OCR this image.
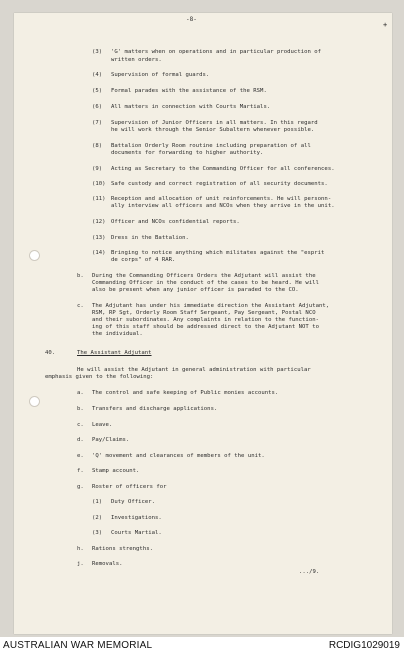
-8-
+
(3) 'G' matters when on operations and in particular production of
written orders.
(4) Supervision of formal guards.
(5) Formal parades with the assistance of the RSM.
(6) All matters in connection with Courts Martials.
(7) Supervision of Junior Officers in all matters. In this regard
he will work through the Senior Subaltern whenever possible.
(8) Battalion Orderly Room routine including preparation of all
documents for forwarding to higher authority.
(9) Acting as Secretary to the Commanding Officer for all conferences.
(10) Safe custody and correct registration of all security documents.
(11) Reception and allocation of unit reinforcements. He will personn-
ally interview all officers and NCOs when they arrive in the unit.
(12) Officer and NCOs confidential reports.
(13) Dress in the Battalion.
(14) Bringing to notice anything which militates against the "esprit
de corps" of 4 RAR.
b. During the Commanding Officers Orders the Adjutant will assist the
Commanding Officer in the conduct of the cases to be heard. He will
also be present when any junior officer is paraded to the CO.
c. The Adjutant has under his immediate direction the Assistant Adjutant,
RSM, RP Sgt, Orderly Room Staff Sergeant, Pay Sergeant, Postal NCO
and their subordinates. Any complaints in relation to the function-
ing of this staff should be addressed direct to the Adjutant NOT to
the individual.
40.	The Assistant Adjutant
He will assist the Adjutant in general administration with particular
emphasis given to the following:
a. The control and safe keeping of Public monies accounts.
b. Transfers and discharge applications.
c. Leave.
d. Pay/Claims.
e. 'Q' movement and clearances of members of the unit.
f. Stamp account.
g. Roster of officers for
(1) Duty Officer.
(2) Investigations.
(3) Courts Martial.
h. Rations strengths.
j. Removals.
.../9.
AUSTRALIAN WAR MEMORIAL	RCDIG1029019
